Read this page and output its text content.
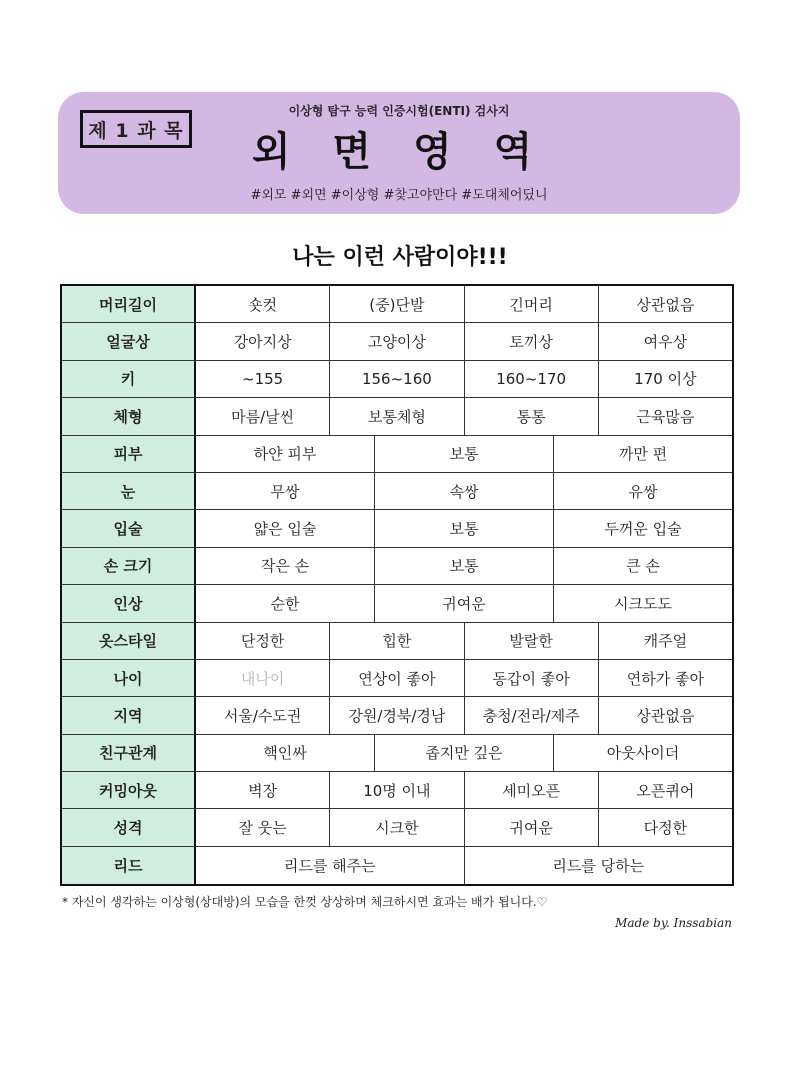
제 1 과 목
이상형 탐구 능력 인증시험(ENTI) 검사지
외 면 영 역
#외모 #외면 #이상형 #찾고야만다 #도대체어딨니
나는 이런 사람이야!!!
머리길이	숏컷	(중)단발	긴머리	상관없음
얼굴상	강아지상	고양이상	토끼상	여우상
키	~155	156~160	160~170	170 이상
체형	마름/날씬	보통체형	통통	근육많음
피부	하얀 피부	보통	까만 편
눈	무쌍	속쌍	유쌍
입술	얇은 입술	보통	두꺼운 입술
손 크기	작은 손	보통	큰 손
인상	순한	귀여운	시크도도
옷스타일	단정한	힙한	발랄한	캐주얼
나이	내나이	연상이 좋아	동갑이 좋아	연하가 좋아
지역	서울/수도권	강원/경북/경남	충청/전라/제주	상관없음
친구관계	핵인싸	좁지만 깊은	아웃사이더
커밍아웃	벽장	10명 이내	세미오픈	오픈퀴어
성격	잘 웃는	시크한	귀여운	다정한
리드	리드를 해주는	리드를 당하는
* 자신이 생각하는 이상형(상대방)의 모습을 한껏 상상하며 체크하시면 효과는 배가 됩니다.♡
Made by. Inssabian
